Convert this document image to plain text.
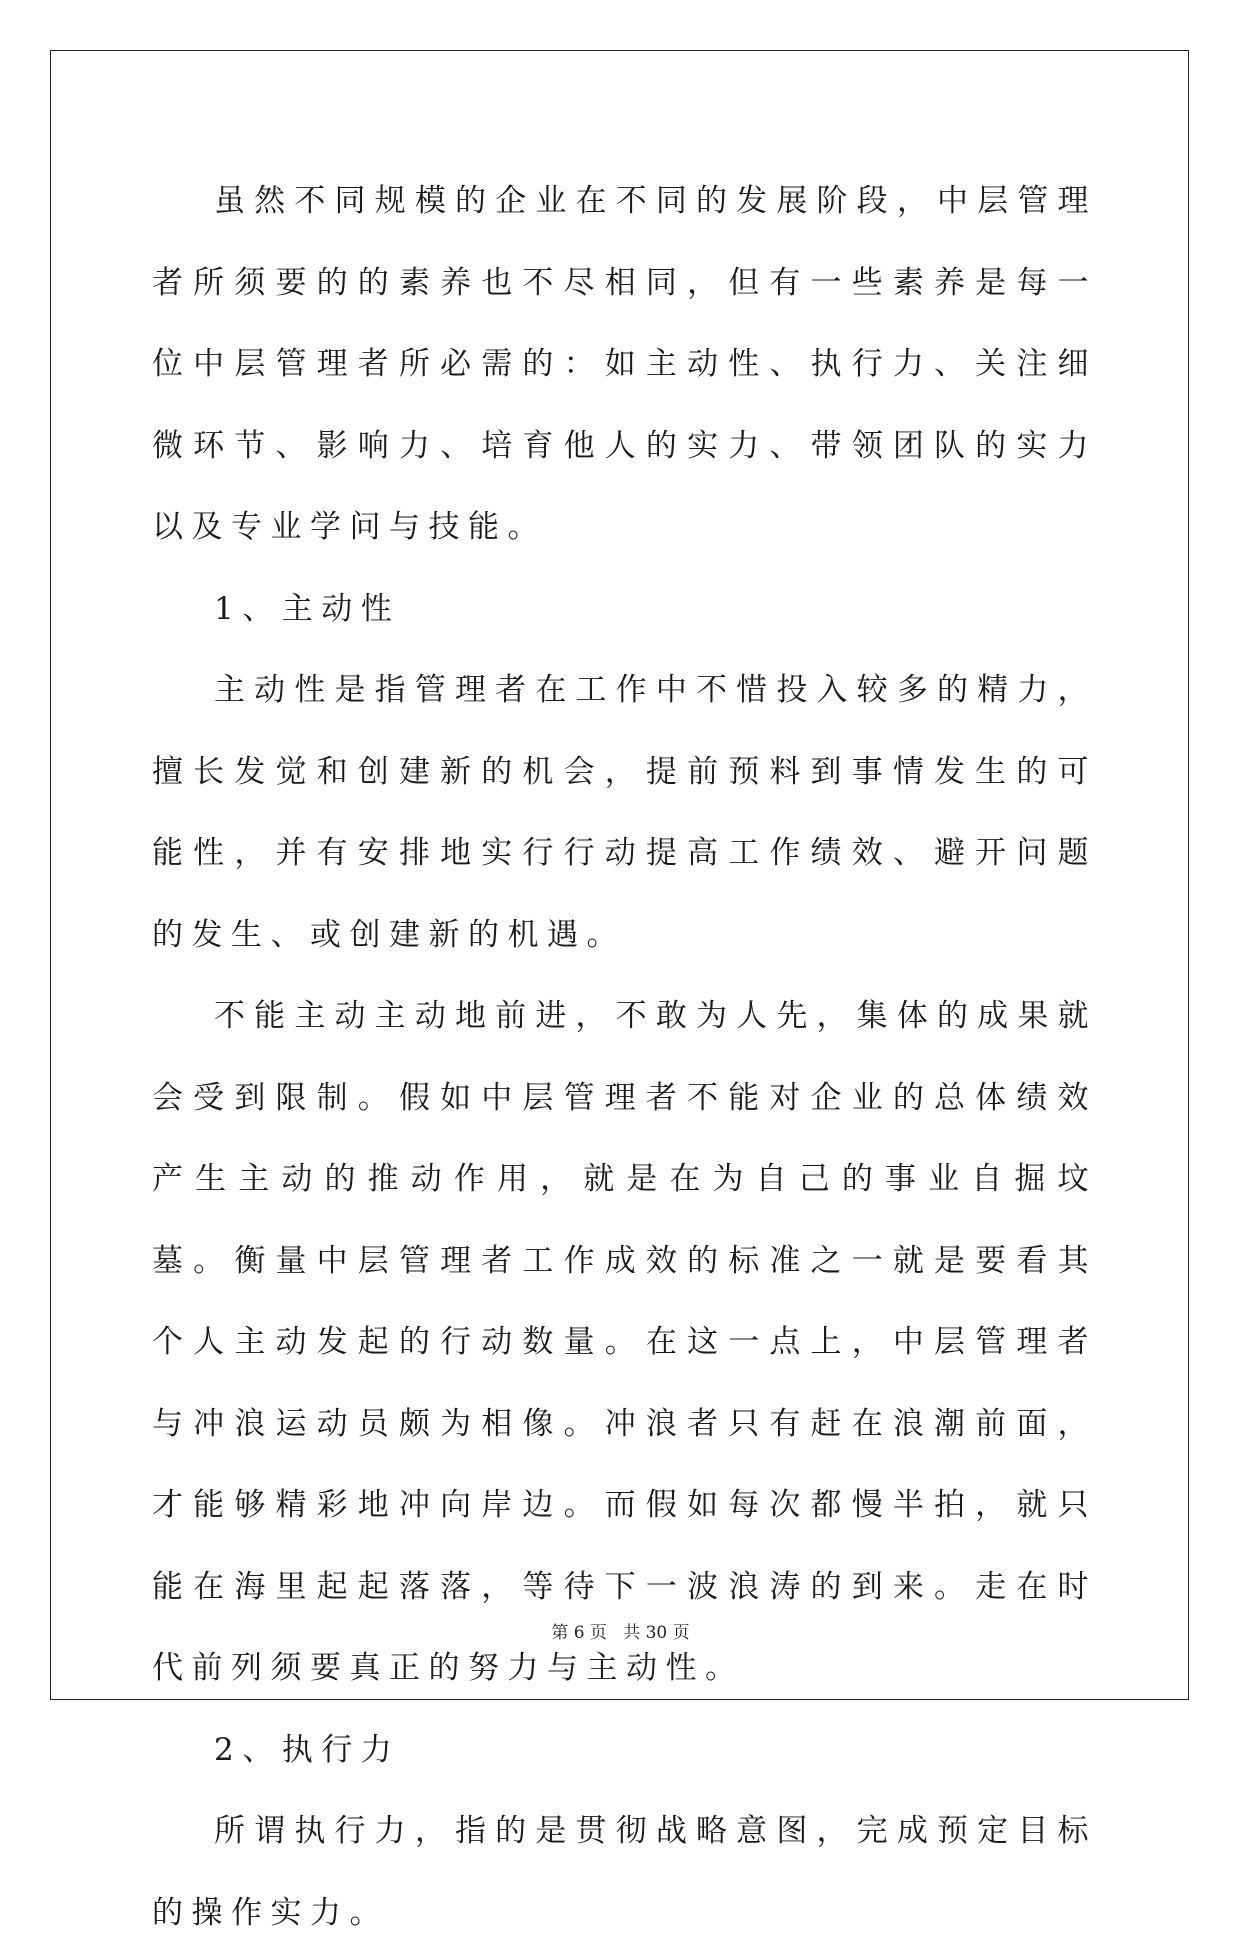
虽然不同规模的企业在不同的发展阶段，中层管理者所须要的的素养也不尽相同，但有一些素养是每一位中层管理者所必需的：如主动性、执行力、关注细微环节、影响力、培育他人的实力、带领团队的实力以及专业学问与技能。

1、主动性

主动性是指管理者在工作中不惜投入较多的精力，擅长发觉和创建新的机会，提前预料到事情发生的可能性，并有安排地实行行动提高工作绩效、避开问题的发生、或创建新的机遇。

不能主动主动地前进，不敢为人先，集体的成果就会受到限制。假如中层管理者不能对企业的总体绩效产生主动的推动作用，就是在为自己的事业自掘坟墓。衡量中层管理者工作成效的标准之一就是要看其个人主动发起的行动数量。在这一点上，中层管理者与冲浪运动员颇为相像。冲浪者只有赶在浪潮前面，才能够精彩地冲向岸边。而假如每次都慢半拍，就只能在海里起起落落，等待下一波浪涛的到来。走在时代前列须要真正的努力与主动性。

2、执行力

所谓执行力，指的是贯彻战略意图，完成预定目标的操作实力。

第 6 页 共 30 页
